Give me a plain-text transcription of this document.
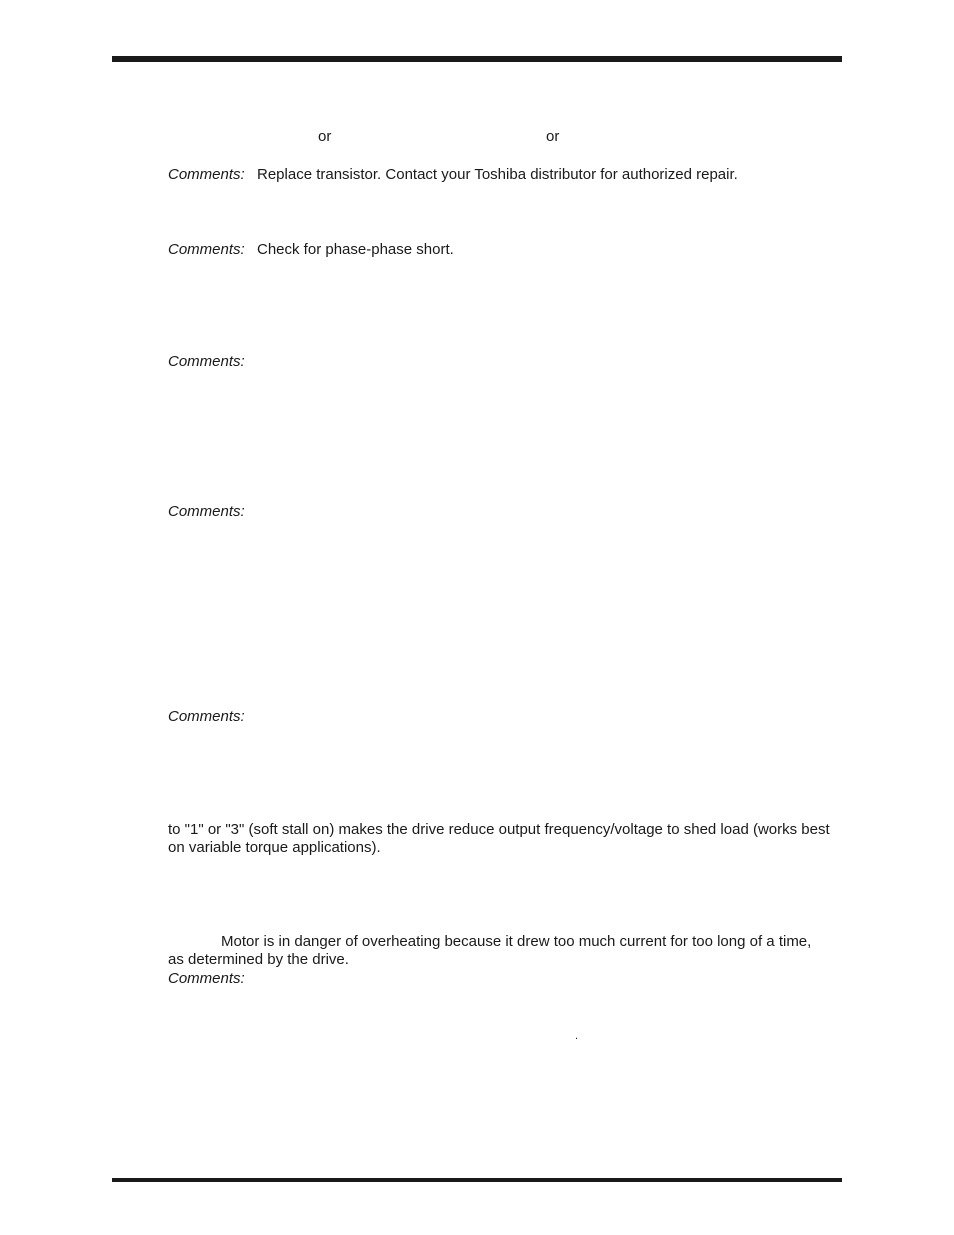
or	or
Comments: Replace transistor. Contact your Toshiba distributor for authorized repair.
Comments: Check for phase-phase short.
Comments:
Comments:
Comments:
to "1" or "3" (soft stall on) makes the drive reduce output frequency/voltage to shed load (works best on variable torque applications).
Motor is in danger of overheating because it drew too much current for too long of a time,
as determined by the drive.
Comments:
.
